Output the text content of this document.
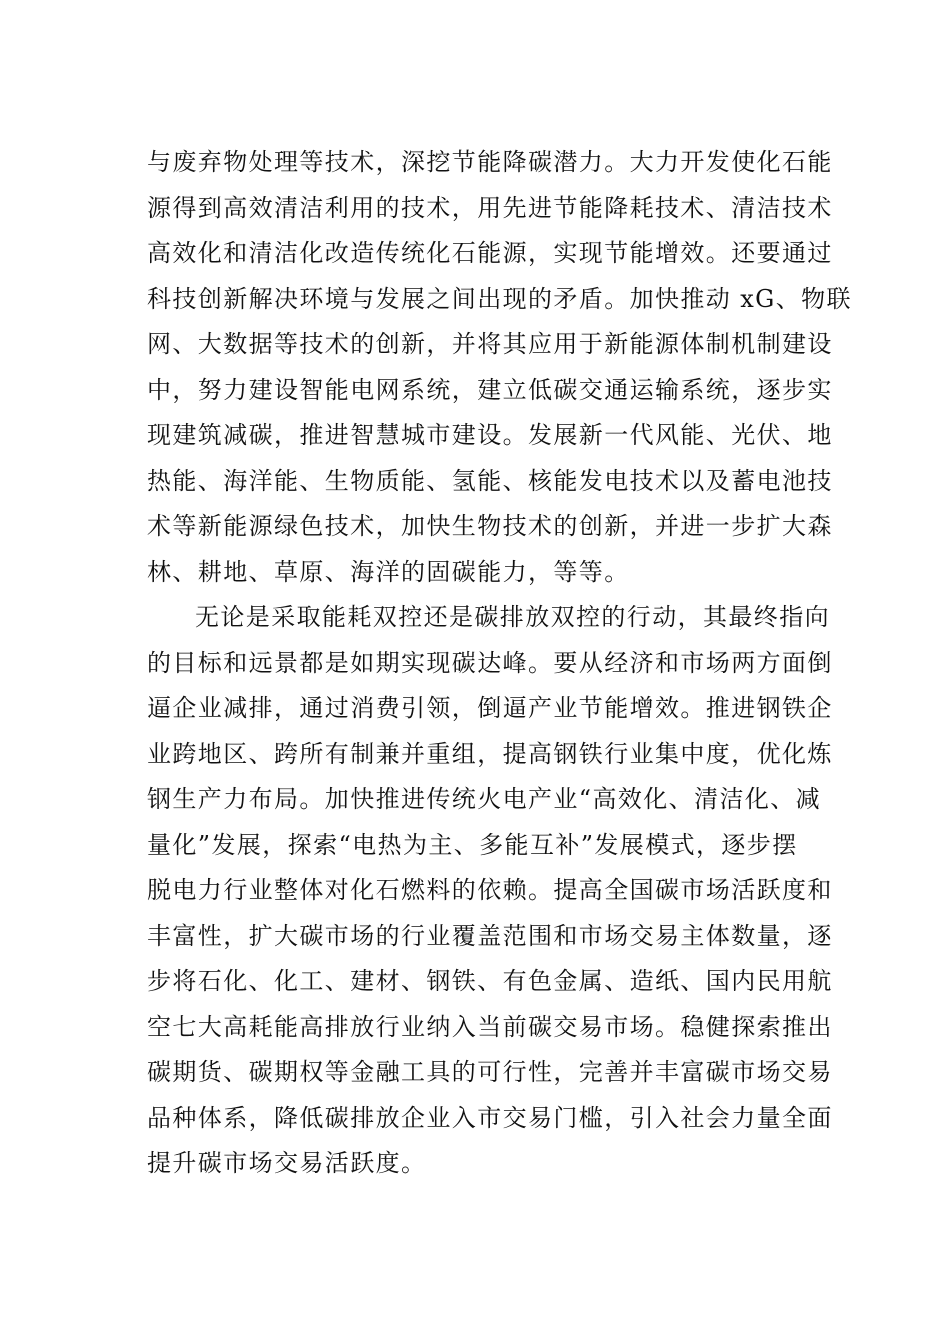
与废弃物处理等技术，深挖节能降碳潜力。大力开发使化石能
源得到高效清洁利用的技术，用先进节能降耗技术、清洁技术
高效化和清洁化改造传统化石能源，实现节能增效。还要通过
科技创新解决环境与发展之间出现的矛盾。加快推动 xG、物联
网、大数据等技术的创新，并将其应用于新能源体制机制建设
中，努力建设智能电网系统，建立低碳交通运输系统，逐步实
现建筑减碳，推进智慧城市建设。发展新一代风能、光伏、地
热能、海洋能、生物质能、氢能、核能发电技术以及蓄电池技
术等新能源绿色技术，加快生物技术的创新，并进一步扩大森
林、耕地、草原、海洋的固碳能力，等等。
无论是采取能耗双控还是碳排放双控的行动，其最终指向
的目标和远景都是如期实现碳达峰。要从经济和市场两方面倒
逼企业减排，通过消费引领，倒逼产业节能增效。推进钢铁企
业跨地区、跨所有制兼并重组，提高钢铁行业集中度，优化炼
钢生产力布局。加快推进传统火电产业“高效化、清洁化、减
量化”发展，探索“电热为主、多能互补”发展模式，逐步摆
脱电力行业整体对化石燃料的依赖。提高全国碳市场活跃度和
丰富性，扩大碳市场的行业覆盖范围和市场交易主体数量，逐
步将石化、化工、建材、钢铁、有色金属、造纸、国内民用航
空七大高耗能高排放行业纳入当前碳交易市场。稳健探索推出
碳期货、碳期权等金融工具的可行性，完善并丰富碳市场交易
品种体系，降低碳排放企业入市交易门槛，引入社会力量全面
提升碳市场交易活跃度。
